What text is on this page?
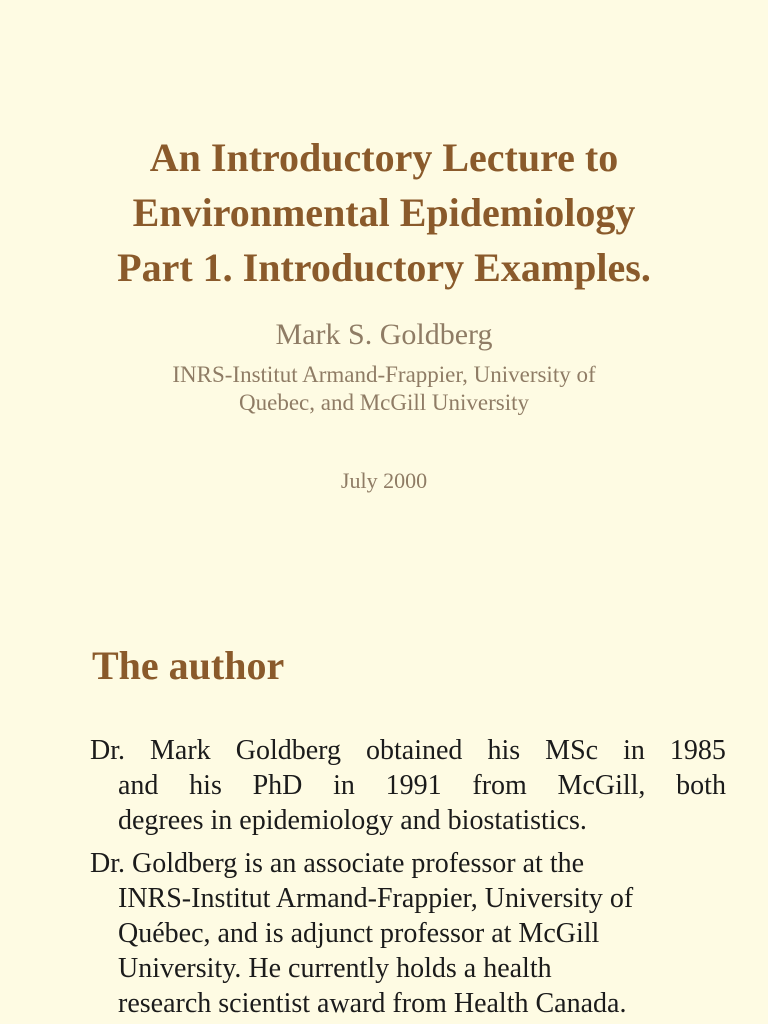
An Introductory Lecture to
Environmental Epidemiology
Part 1. Introductory Examples.
Mark S. Goldberg
INRS-Institut Armand-Frappier, University of
Quebec, and McGill University
July 2000
The author
Dr. Mark Goldberg obtained his MSc in 1985
and his PhD in 1991 from McGill, both
degrees in epidemiology and biostatistics.
Dr. Goldberg is an associate professor at the
INRS-Institut Armand-Frappier, University of
Québec, and is adjunct professor at McGill
University. He currently holds a health
research scientist award from Health Canada.
